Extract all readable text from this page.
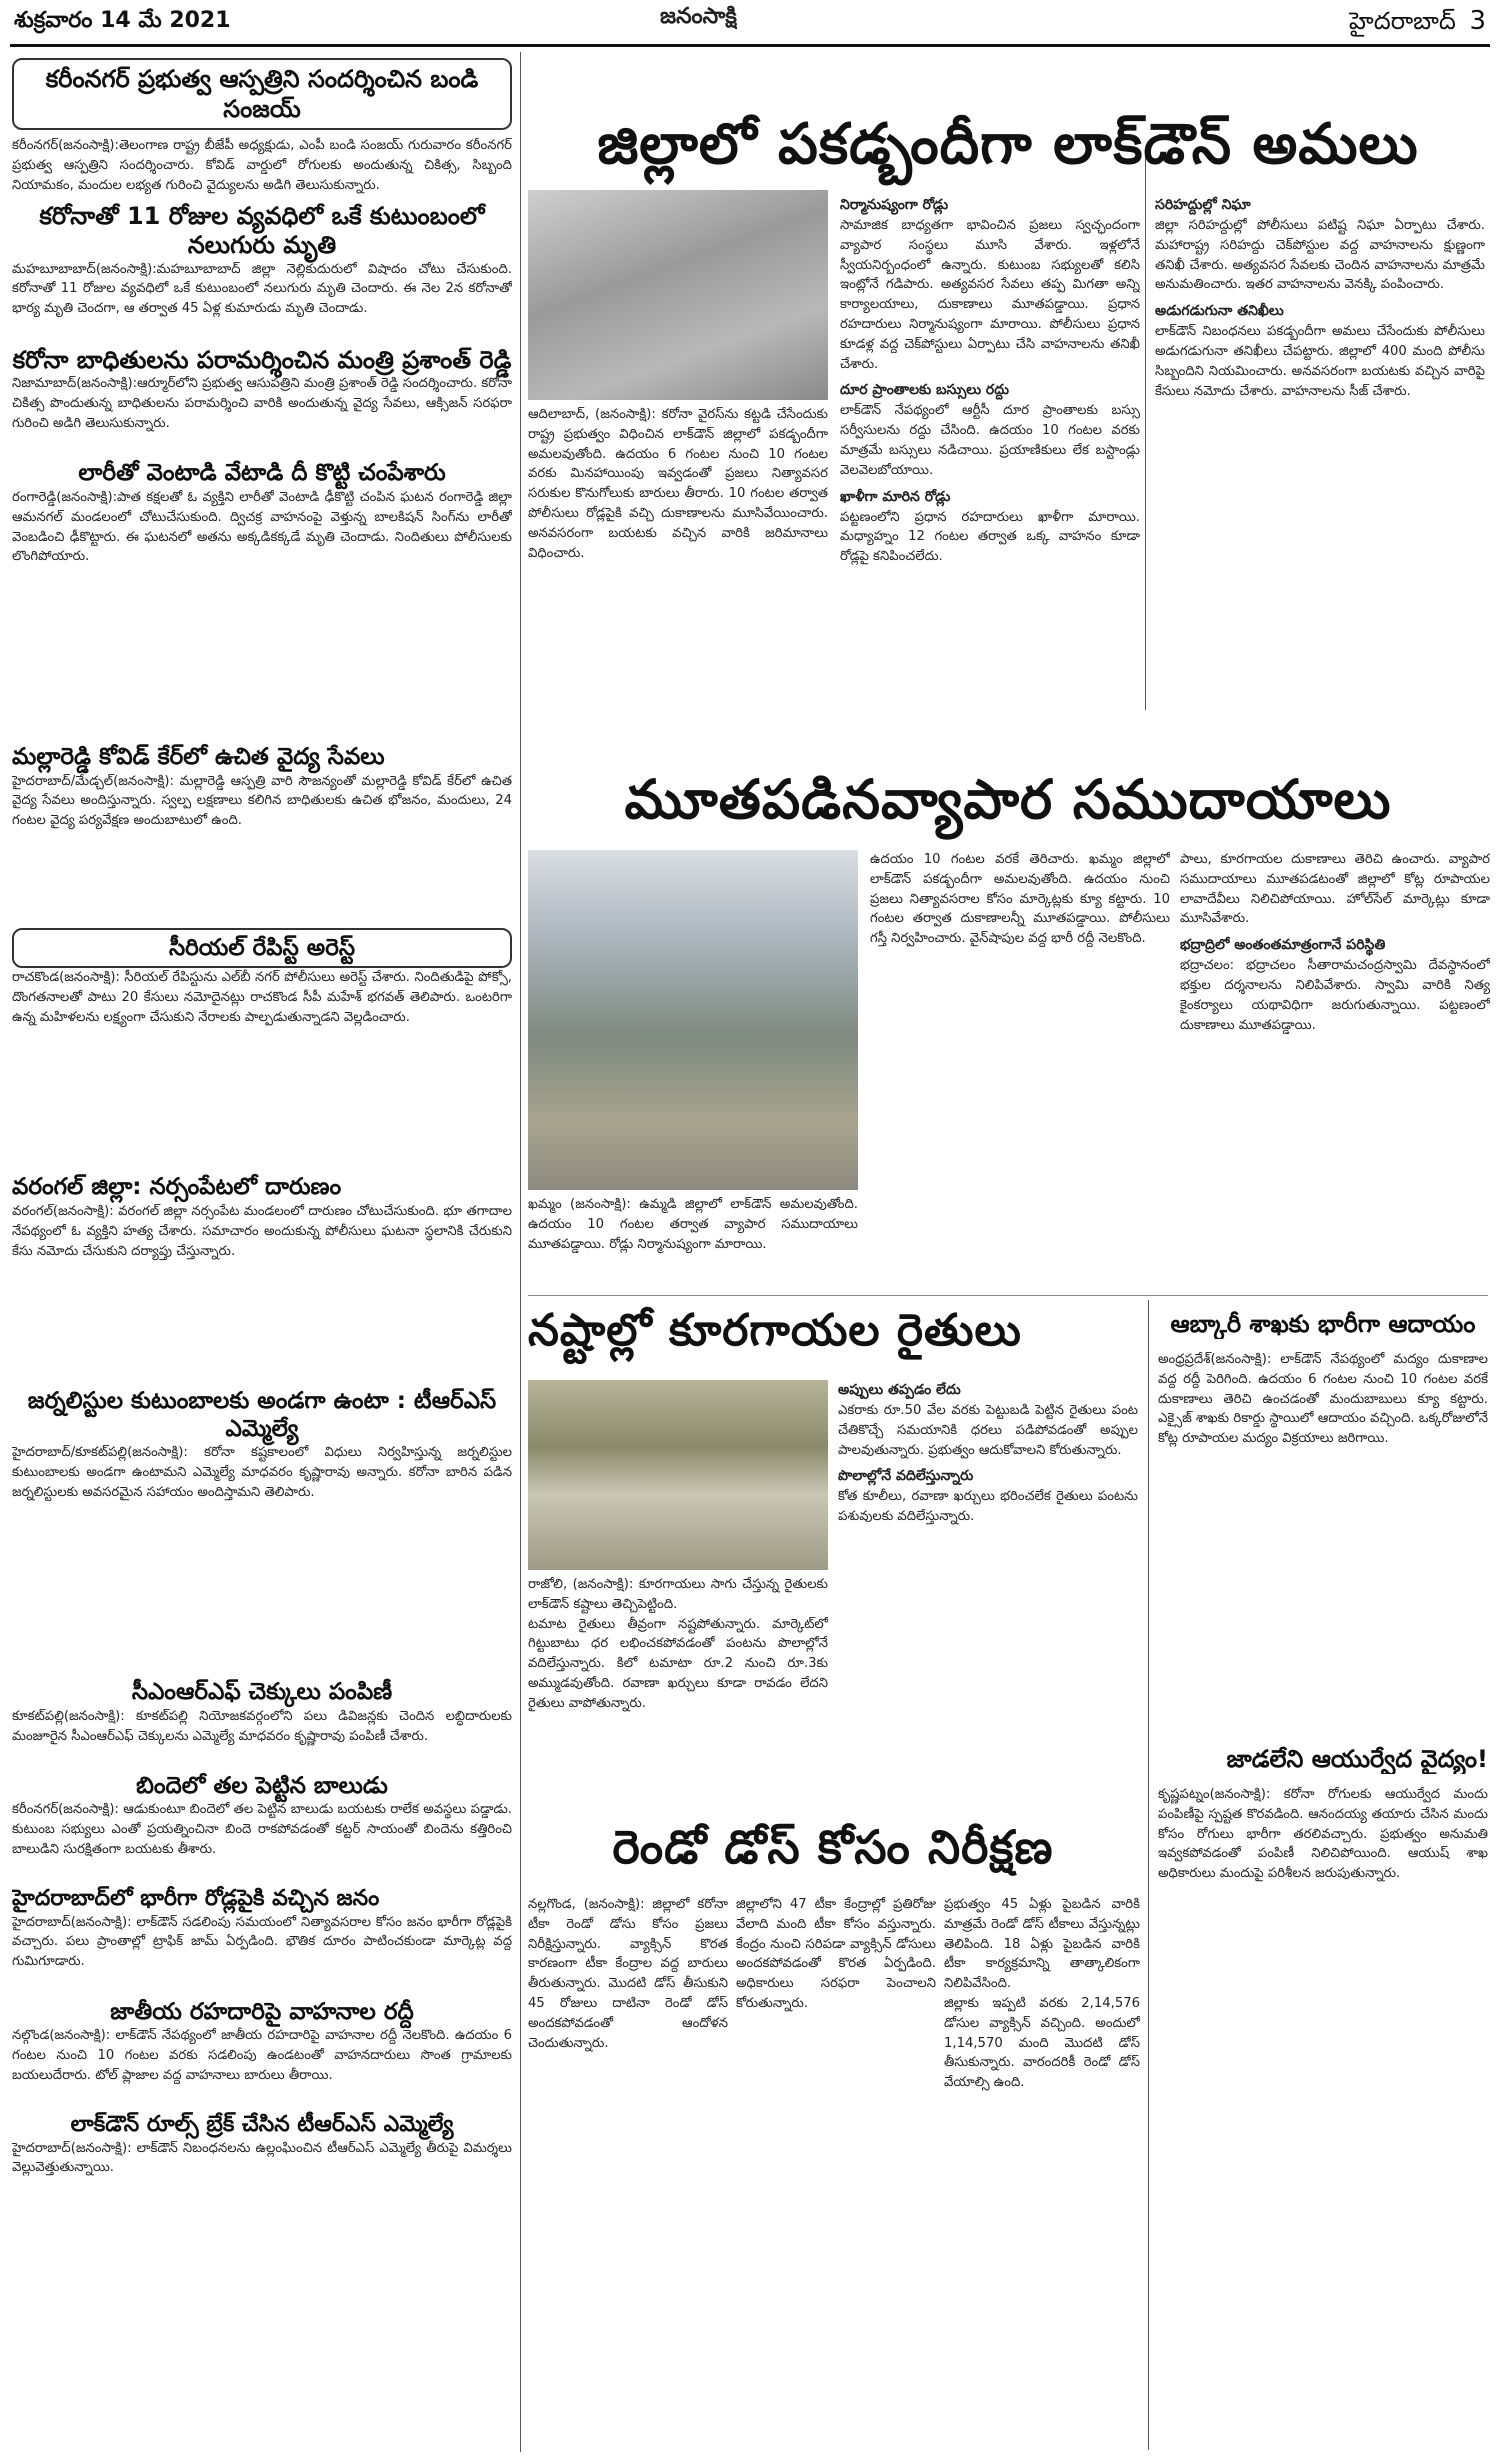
శుక్రవారం 14 మే 2021	జనంసాక్షి	హైదరాబాద్ 3
కరీంనగర్ ప్రభుత్వ ఆస్పత్రిని సందర్శించిన బండి సంజయ్
కరీంనగర్(జనంసాక్షి):తెలంగాణ రాష్ట్ర బీజేపీ అధ్యక్షుడు, ఎంపీ బండి సంజయ్ గురువారం కరీంనగర్ ప్రభుత్వ ఆస్పత్రిని సందర్శించారు. కోవిడ్ వార్డులో రోగులకు అందుతున్న చికిత్స, సిబ్బంది నియామకం, మందుల లభ్యత గురించి వైద్యులను అడిగి తెలుసుకున్నారు.
కరోనాతో 11 రోజుల వ్యవధిలో ఒకే కుటుంబంలో నలుగురు మృతి
మహబూబాబాద్(జనంసాక్షి):మహబూబాబాద్ జిల్లా నెల్లికుదురులో విషాదం చోటు చేసుకుంది. కరోనాతో 11 రోజుల వ్యవధిలో ఒకే కుటుంబంలో నలుగురు మృతి చెందారు. ఈ నెల 2న కరోనాతో భార్య మృతి చెందగా, ఆ తర్వాత 45 ఏళ్ల కుమారుడు మృతి చెందాడు.
కరోనా బాధితులను పరామర్శించిన మంత్రి ప్రశాంత్ రెడ్డి
నిజామాబాద్(జనంసాక్షి):ఆర్మూర్‌లోని ప్రభుత్వ ఆసుపత్రిని మంత్రి ప్రశాంత్ రెడ్డి సందర్శించారు. కరోనా చికిత్స పొందుతున్న బాధితులను పరామర్శించి వారికి అందుతున్న వైద్య సేవలు, ఆక్సిజన్ సరఫరా గురించి అడిగి తెలుసుకున్నారు.
లారీతో వెంటాడి వేటాడి దీ కొట్టి చంపేశారు
రంగారెడ్డి(జనంసాక్షి):పాత కక్షలతో ఓ వ్యక్తిని లారీతో వెంటాడి ఢీకొట్టి చంపిన ఘటన రంగారెడ్డి జిల్లా ఆమనగల్ మండలంలో చోటుచేసుకుంది. ద్విచక్ర వాహనంపై వెళ్తున్న బాలకిషన్ సింగ్‌ను లారీతో వెంబడించి ఢీకొట్టారు. ఈ ఘటనలో అతను అక్కడికక్కడే మృతి చెందాడు. నిందితులు పోలీసులకు లొంగిపోయారు.
మల్లారెడ్డి కోవిడ్ కేర్‌లో ఉచిత వైద్య సేవలు
హైదరాబాద్/మేడ్చల్(జనంసాక్షి): మల్లారెడ్డి ఆస్పత్రి వారి సౌజన్యంతో మల్లారెడ్డి కోవిడ్ కేర్‌లో ఉచిత వైద్య సేవలు అందిస్తున్నారు. స్వల్ప లక్షణాలు కలిగిన బాధితులకు ఉచిత భోజనం, మందులు, 24 గంటల వైద్య పర్యవేక్షణ అందుబాటులో ఉంది.
సీరియల్ రేపిస్ట్ అరెస్ట్
రాచకొండ(జనంసాక్షి): సీరియల్ రేపిస్టును ఎల్‌బీ నగర్ పోలీసులు అరెస్ట్ చేశారు. నిందితుడిపై పోక్సో, దొంగతనాలతో పాటు 20 కేసులు నమోదైనట్లు రాచకొండ సీపీ మహేశ్ భగవత్ తెలిపారు. ఒంటరిగా ఉన్న మహిళలను లక్ష్యంగా చేసుకుని నేరాలకు పాల్పడుతున్నాడని వెల్లడించారు.
వరంగల్ జిల్లా: నర్సంపేటలో దారుణం
వరంగల్(జనంసాక్షి): వరంగల్ జిల్లా నర్సంపేట మండలంలో దారుణం చోటుచేసుకుంది. భూ తగాదాల నేపథ్యంలో ఓ వ్యక్తిని హత్య చేశారు. సమాచారం అందుకున్న పోలీసులు ఘటనా స్థలానికి చేరుకుని కేసు నమోదు చేసుకుని దర్యాప్తు చేస్తున్నారు.
జర్నలిస్టుల కుటుంబాలకు అండగా ఉంటా : టీఆర్ఎస్ ఎమ్మెల్యే
హైదరాబాద్/కూకట్‌పల్లి(జనంసాక్షి): కరోనా కష్టకాలంలో విధులు నిర్వహిస్తున్న జర్నలిస్టుల కుటుంబాలకు అండగా ఉంటామని ఎమ్మెల్యే మాధవరం కృష్ణారావు అన్నారు. కరోనా బారిన పడిన జర్నలిస్టులకు అవసరమైన సహాయం అందిస్తామని తెలిపారు.
సీఎంఆర్ఎఫ్ చెక్కులు పంపిణీ
కూకట్‌పల్లి(జనంసాక్షి): కూకట్‌పల్లి నియోజకవర్గంలోని పలు డివిజన్లకు చెందిన లబ్ధిదారులకు మంజూరైన సీఎంఆర్ఎఫ్ చెక్కులను ఎమ్మెల్యే మాధవరం కృష్ణారావు పంపిణీ చేశారు.
బిందెలో తల పెట్టిన బాలుడు
కరీంనగర్(జనంసాక్షి): ఆడుకుంటూ బిందెలో తల పెట్టిన బాలుడు బయటకు రాలేక అవస్థలు పడ్డాడు. కుటుంబ సభ్యులు ఎంతో ప్రయత్నించినా బిందె రాకపోవడంతో కట్టర్ సాయంతో బిందెను కత్తిరించి బాలుడిని సురక్షితంగా బయటకు తీశారు.
హైదరాబాద్‌లో భారీగా రోడ్లపైకి వచ్చిన జనం
హైదరాబాద్(జనంసాక్షి): లాక్‌డౌన్ సడలింపు సమయంలో నిత్యావసరాల కోసం జనం భారీగా రోడ్లపైకి వచ్చారు. పలు ప్రాంతాల్లో ట్రాఫిక్ జామ్ ఏర్పడింది. భౌతిక దూరం పాటించకుండా మార్కెట్ల వద్ద గుమిగూడారు.
జాతీయ రహదారిపై వాహనాల రద్దీ
నల్గొండ(జనంసాక్షి): లాక్‌డౌన్ నేపథ్యంలో జాతీయ రహదారిపై వాహనాల రద్దీ నెలకొంది. ఉదయం 6 గంటల నుంచి 10 గంటల వరకు సడలింపు ఉండటంతో వాహనదారులు సొంత గ్రామాలకు బయలుదేరారు. టోల్ ప్లాజాల వద్ద వాహనాలు బారులు తీరాయి.
లాక్‌డౌన్ రూల్స్ బ్రేక్ చేసిన టీఆర్ఎస్ ఎమ్మెల్యే
హైదరాబాద్(జనంసాక్షి): లాక్‌డౌన్ నిబంధనలను ఉల్లంఘించిన టీఆర్ఎస్ ఎమ్మెల్యే తీరుపై విమర్శలు వెల్లువెత్తుతున్నాయి.
జిల్లాలో పకడ్బందీగా లాక్‌డౌన్ అమలు
ఆదిలాబాద్, (జనంసాక్షి): కరోనా వైరస్‌ను కట్టడి చేసేందుకు రాష్ట్ర ప్రభుత్వం విధించిన లాక్‌డౌన్ జిల్లాలో పకడ్బందీగా అమలవుతోంది. ఉదయం 6 గంటల నుంచి 10 గంటల వరకు మినహాయింపు ఇవ్వడంతో ప్రజలు నిత్యావసర సరుకుల కొనుగోలుకు బారులు తీరారు. 10 గంటల తర్వాత పోలీసులు రోడ్లపైకి వచ్చి దుకాణాలను మూసివేయించారు. అనవసరంగా బయటకు వచ్చిన వారికి జరిమానాలు విధించారు.
నిర్మానుష్యంగా రోడ్లు
సామాజిక బాధ్యతగా భావించిన ప్రజలు స్వచ్ఛందంగా వ్యాపార సంస్థలు మూసి వేశారు. ఇళ్లలోనే స్వీయనిర్బంధంలో ఉన్నారు. కుటుంబ సభ్యులతో కలిసి ఇంట్లోనే గడిపారు. అత్యవసర సేవలు తప్ప మిగతా అన్ని కార్యాలయాలు, దుకాణాలు మూతపడ్డాయి. ప్రధాన రహదారులు నిర్మానుష్యంగా మారాయి. పోలీసులు ప్రధాన కూడళ్ల వద్ద చెక్‌పోస్టులు ఏర్పాటు చేసి వాహనాలను తనిఖీ చేశారు.
దూర ప్రాంతాలకు బస్సులు రద్దు
లాక్‌డౌన్ నేపథ్యంలో ఆర్టీసీ దూర ప్రాంతాలకు బస్సు సర్వీసులను రద్దు చేసింది. ఉదయం 10 గంటల వరకు మాత్రమే బస్సులు నడిచాయి. ప్రయాణికులు లేక బస్టాండ్లు వెలవెలబోయాయి.
ఖాళీగా మారిన రోడ్లు
పట్టణంలోని ప్రధాన రహదారులు ఖాళీగా మారాయి. మధ్యాహ్నం 12 గంటల తర్వాత ఒక్క వాహనం కూడా రోడ్లపై కనిపించలేదు.
సరిహద్దుల్లో నిఘా
జిల్లా సరిహద్దుల్లో పోలీసులు పటిష్ట నిఘా ఏర్పాటు చేశారు. మహారాష్ట్ర సరిహద్దు చెక్‌పోస్టుల వద్ద వాహనాలను క్షుణ్ణంగా తనిఖీ చేశారు. అత్యవసర సేవలకు చెందిన వాహనాలను మాత్రమే అనుమతించారు. ఇతర వాహనాలను వెనక్కి పంపించారు.
అడుగడుగునా తనిఖీలు
లాక్‌డౌన్ నిబంధనలు పకడ్బందీగా అమలు చేసేందుకు పోలీసులు అడుగడుగునా తనిఖీలు చేపట్టారు. జిల్లాలో 400 మంది పోలీసు సిబ్బందిని నియమించారు. అనవసరంగా బయటకు వచ్చిన వారిపై కేసులు నమోదు చేశారు. వాహనాలను సీజ్ చేశారు.
మూతపడినవ్యాపార సముదాయాలు
ఖమ్మం (జనంసాక్షి): ఉమ్మడి జిల్లాలో లాక్‌డౌన్ అమలవుతోంది. ఉదయం 10 గంటల తర్వాత వ్యాపార సముదాయాలు మూతపడ్డాయి. రోడ్లు నిర్మానుష్యంగా మారాయి.
ఉదయం 10 గంటల వరకే తెరిచారు. ఖమ్మం జిల్లాలో లాక్‌డౌన్ పకడ్బందీగా అమలవుతోంది. ఉదయం నుంచి ప్రజలు నిత్యావసరాల కోసం మార్కెట్లకు క్యూ కట్టారు. 10 గంటల తర్వాత దుకాణాలన్నీ మూతపడ్డాయి. పోలీసులు గస్తీ నిర్వహించారు. వైన్‌షాపుల వద్ద భారీ రద్దీ నెలకొంది.
పాలు, కూరగాయల దుకాణాలు తెరిచి ఉంచారు. వ్యాపార సముదాయాలు మూతపడటంతో జిల్లాలో కోట్ల రూపాయల లావాదేవీలు నిలిచిపోయాయి. హోల్‌సేల్ మార్కెట్లు కూడా మూసివేశారు.
భద్రాద్రిలో అంతంతమాత్రంగానే పరిస్థితి
భద్రాచలం: భద్రాచలం సీతారామచంద్రస్వామి దేవస్థానంలో భక్తుల దర్శనాలను నిలిపివేశారు. స్వామి వారికి నిత్య కైంకర్యాలు యథావిధిగా జరుగుతున్నాయి. పట్టణంలో దుకాణాలు మూతపడ్డాయి.
నష్టాల్లో కూరగాయల రైతులు
రాజోలి, (జనంసాక్షి): కూరగాయలు సాగు చేస్తున్న రైతులకు లాక్‌డౌన్ కష్టాలు తెచ్చిపెట్టింది.
టమాట రైతులు తీవ్రంగా నష్టపోతున్నారు. మార్కెట్‌లో గిట్టుబాటు ధర లభించకపోవడంతో పంటను పొలాల్లోనే వదిలేస్తున్నారు. కిలో టమాటా రూ.2 నుంచి రూ.3కు అమ్ముడవుతోంది. రవాణా ఖర్చులు కూడా రావడం లేదని రైతులు వాపోతున్నారు.
అప్పులు తప్పడం లేదు
ఎకరాకు రూ.50 వేల వరకు పెట్టుబడి పెట్టిన రైతులు పంట చేతికొచ్చే సమయానికి ధరలు పడిపోవడంతో అప్పుల పాలవుతున్నారు. ప్రభుత్వం ఆదుకోవాలని కోరుతున్నారు.
పొలాల్లోనే వదిలేస్తున్నారు
కోత కూలీలు, రవాణా ఖర్చులు భరించలేక రైతులు పంటను పశువులకు వదిలేస్తున్నారు.
ఆబ్కారీ శాఖకు భారీగా ఆదాయం
అంధ్రప్రదేశ్(జనంసాక్షి): లాక్‌డౌన్ నేపథ్యంలో మద్యం దుకాణాల వద్ద రద్దీ పెరిగింది. ఉదయం 6 గంటల నుంచి 10 గంటల వరకే దుకాణాలు తెరిచి ఉంచడంతో మందుబాబులు క్యూ కట్టారు. ఎక్సైజ్ శాఖకు రికార్డు స్థాయిలో ఆదాయం వచ్చింది. ఒక్కరోజులోనే కోట్ల రూపాయల మద్యం విక్రయాలు జరిగాయి.
జాడలేని ఆయుర్వేద వైద్యం!
కృష్ణపట్నం(జనంసాక్షి): కరోనా రోగులకు ఆయుర్వేద మందు పంపిణీపై స్పష్టత కొరవడింది. ఆనందయ్య తయారు చేసిన మందు కోసం రోగులు భారీగా తరలివచ్చారు. ప్రభుత్వం అనుమతి ఇవ్వకపోవడంతో పంపిణీ నిలిచిపోయింది. ఆయుష్ శాఖ అధికారులు మందుపై పరిశీలన జరుపుతున్నారు.
రెండో డోస్ కోసం నిరీక్షణ
నల్లగొండ, (జనంసాక్షి): జిల్లాలో కరోనా టీకా రెండో డోసు కోసం ప్రజలు నిరీక్షిస్తున్నారు. వ్యాక్సిన్ కొరత కారణంగా టీకా కేంద్రాల వద్ద బారులు తీరుతున్నారు. మొదటి డోస్ తీసుకుని 45 రోజులు దాటినా రెండో డోస్ అందకపోవడంతో ఆందోళన చెందుతున్నారు.
జిల్లాలోని 47 టీకా కేంద్రాల్లో ప్రతిరోజు వేలాది మంది టీకా కోసం వస్తున్నారు. కేంద్రం నుంచి సరిపడా వ్యాక్సిన్ డోసులు అందకపోవడంతో కొరత ఏర్పడింది. అధికారులు సరఫరా పెంచాలని కోరుతున్నారు.
ప్రభుత్వం 45 ఏళ్లు పైబడిన వారికి మాత్రమే రెండో డోస్ టీకాలు వేస్తున్నట్లు తెలిపింది. 18 ఏళ్లు పైబడిన వారికి టీకా కార్యక్రమాన్ని తాత్కాలికంగా నిలిపివేసింది.
జిల్లాకు ఇప్పటి వరకు 2,14,576 డోసుల వ్యాక్సిన్ వచ్చింది. అందులో 1,14,570 మంది మొదటి డోస్ తీసుకున్నారు. వారందరికీ రెండో డోస్ వేయాల్సి ఉంది.
